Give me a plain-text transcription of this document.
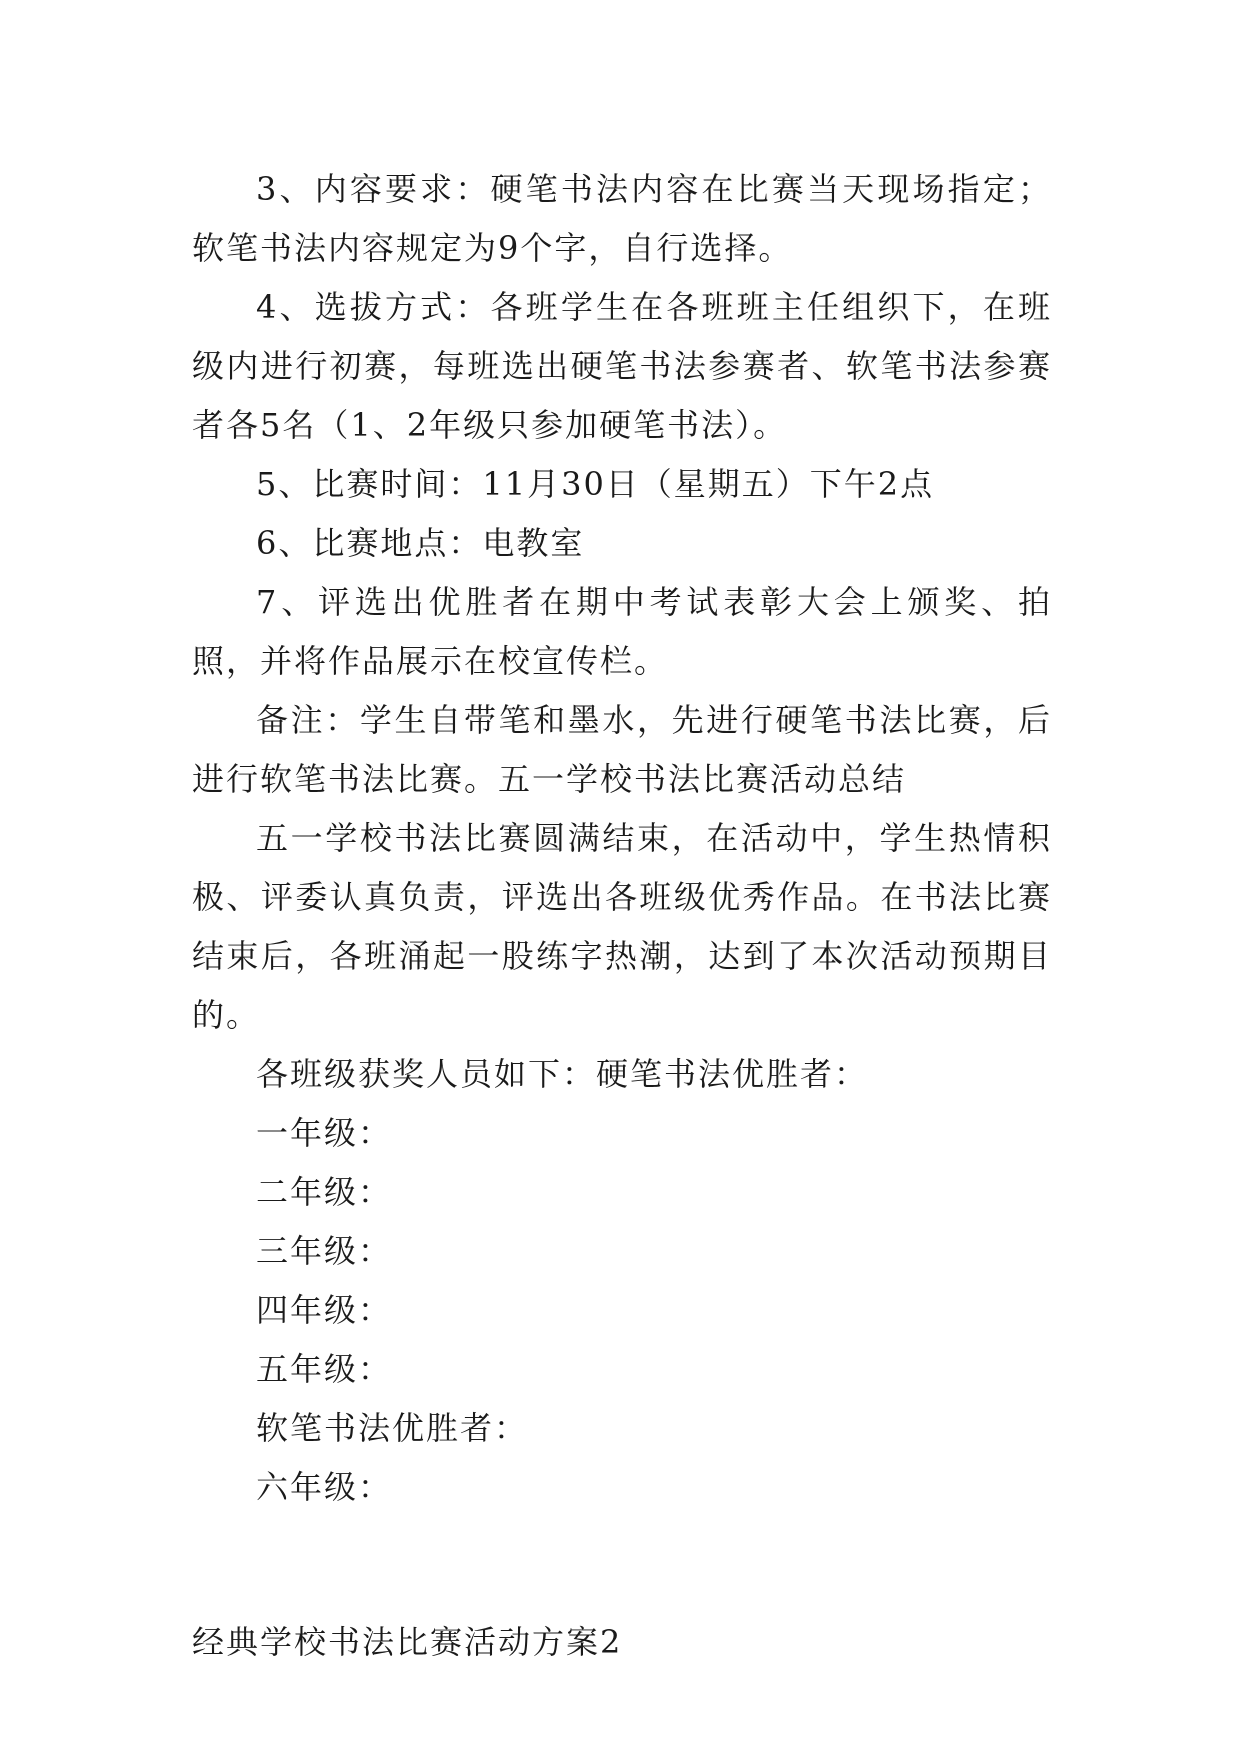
3、内容要求：硬笔书法内容在比赛当天现场指定；软笔书法内容规定为9个字，自行选择。

4、选拔方式：各班学生在各班班主任组织下，在班级内进行初赛，每班选出硬笔书法参赛者、软笔书法参赛者各5名（1、2年级只参加硬笔书法）。

5、比赛时间：11月30日（星期五）下午2点

6、比赛地点：电教室

7、评选出优胜者在期中考试表彰大会上颁奖、拍照，并将作品展示在校宣传栏。

备注：学生自带笔和墨水，先进行硬笔书法比赛，后进行软笔书法比赛。五一学校书法比赛活动总结

五一学校书法比赛圆满结束，在活动中，学生热情积极、评委认真负责，评选出各班级优秀作品。在书法比赛结束后，各班涌起一股练字热潮，达到了本次活动预期目的。

各班级获奖人员如下：硬笔书法优胜者：

一年级：

二年级：

三年级：

四年级：

五年级：

软笔书法优胜者：

六年级：

经典学校书法比赛活动方案2
